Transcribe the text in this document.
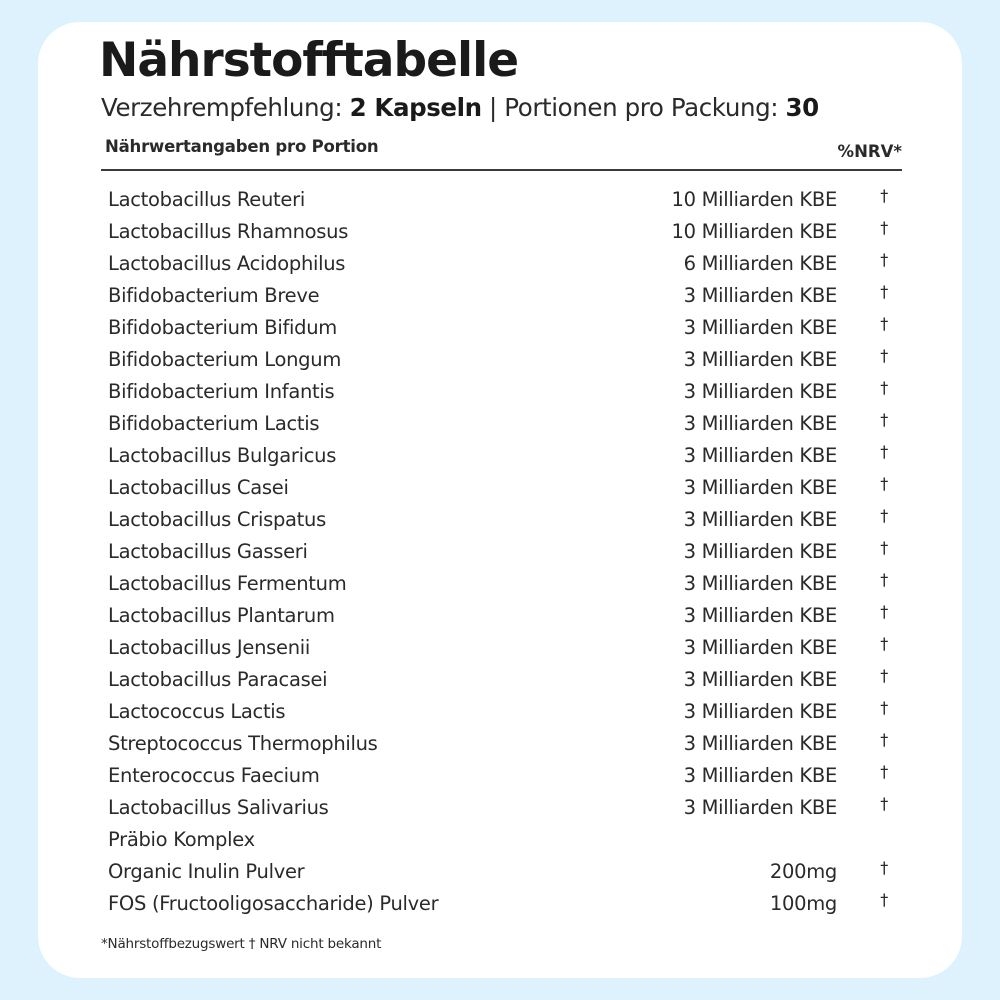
Nährstofftabelle
Verzehrempfehlung: 2 Kapseln | Portionen pro Packung: 30
Nährwertangaben pro Portion	%NRV*
Lactobacillus Reuteri	10 Milliarden KBE	†
Lactobacillus Rhamnosus	10 Milliarden KBE	†
Lactobacillus Acidophilus	6 Milliarden KBE	†
Bifidobacterium Breve	3 Milliarden KBE	†
Bifidobacterium Bifidum	3 Milliarden KBE	†
Bifidobacterium Longum	3 Milliarden KBE	†
Bifidobacterium Infantis	3 Milliarden KBE	†
Bifidobacterium Lactis	3 Milliarden KBE	†
Lactobacillus Bulgaricus	3 Milliarden KBE	†
Lactobacillus Casei	3 Milliarden KBE	†
Lactobacillus Crispatus	3 Milliarden KBE	†
Lactobacillus Gasseri	3 Milliarden KBE	†
Lactobacillus Fermentum	3 Milliarden KBE	†
Lactobacillus Plantarum	3 Milliarden KBE	†
Lactobacillus Jensenii	3 Milliarden KBE	†
Lactobacillus Paracasei	3 Milliarden KBE	†
Lactococcus Lactis	3 Milliarden KBE	†
Streptococcus Thermophilus	3 Milliarden KBE	†
Enterococcus Faecium	3 Milliarden KBE	†
Lactobacillus Salivarius	3 Milliarden KBE	†
Präbio Komplex
Organic Inulin Pulver	200mg	†
FOS (Fructooligosaccharide) Pulver	100mg	†
*Nährstoffbezugswert † NRV nicht bekannt
